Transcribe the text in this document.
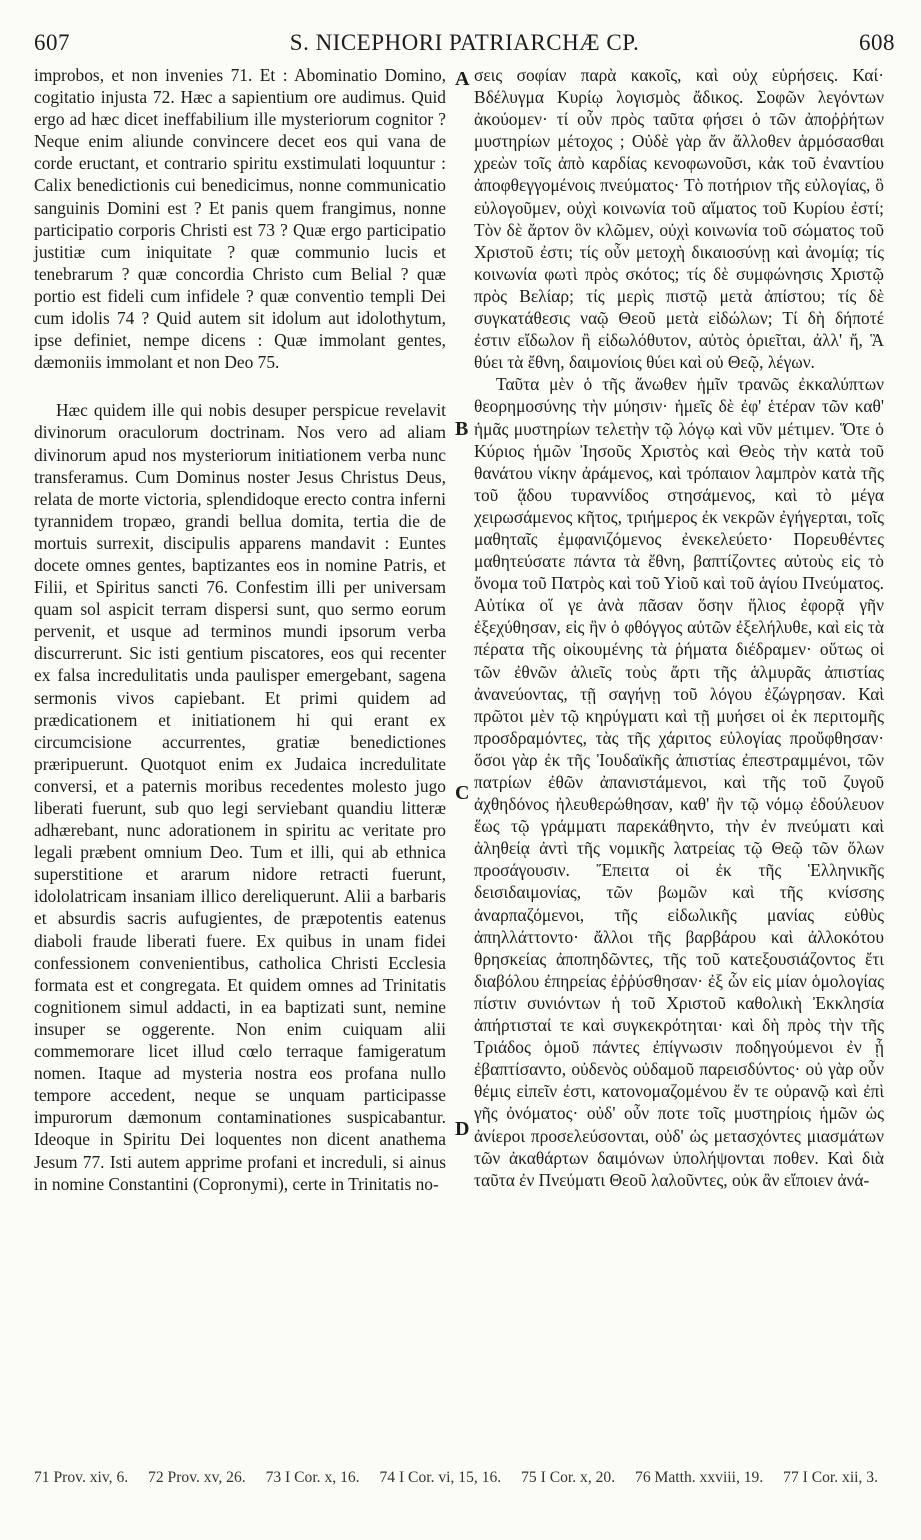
607	S. NICEPHORI PATRIARCHÆ CP.	608

improbos, et non invenies 71. Et : Abominatio Domino, cogitatio injusta 72. Hæc a sapientium ore audimus. Quid ergo ad hæc dicet ineffabilium ille mysteriorum cognitor ? Neque enim aliunde convincere decet eos qui vana de corde eructant, et contrario spiritu exstimulati loquuntur : Calix benedictionis cui benedicimus, nonne communicatio sanguinis Domini est ? Et panis quem frangimus, nonne participatio corporis Christi est 73 ? Quæ ergo participatio justitiæ cum iniquitate ? quæ communio lucis et tenebrarum ? quæ concordia Christo cum Belial ? quæ portio est fideli cum infidele ? quæ conventio templi Dei cum idolis 74 ? Quid autem sit idolum aut idolothytum, ipse definiet, nempe dicens : Quæ immolant gentes, dæmoniis immolant et non Deo 75.

Hæc quidem ille qui nobis desuper perspicue revelavit divinorum oraculorum doctrinam. Nos vero ad aliam divinorum apud nos mysteriorum initiationem verba nunc transferamus. Cum Dominus noster Jesus Christus Deus, relata de morte victoria, splendidoque erecto contra inferni tyrannidem tropæo, grandi bellua domita, tertia die de mortuis surrexit, discipulis apparens mandavit : Euntes docete omnes gentes, baptizantes eos in nomine Patris, et Filii, et Spiritus sancti 76. Confestim illi per universam quam sol aspicit terram dispersi sunt, quo sermo eorum pervenit, et usque ad terminos mundi ipsorum verba discurrerunt. Sic isti gentium piscatores, eos qui recenter ex falsa incredulitatis unda paulisper emergebant, sagena sermonis vivos capiebant. Et primi quidem ad prædicationem et initiationem hi qui erant ex circumcisione accurrentes, gratiæ benedictiones præripuerunt. Quotquot enim ex Judaica incredulitate conversi, et a paternis moribus recedentes molesto jugo liberati fuerunt, sub quo legi serviebant quandiu litteræ adhærebant, nunc adorationem in spiritu ac veritate pro legali præbent omnium Deo. Tum et illi, qui ab ethnica superstitione et ararum nidore retracti fuerunt, idololatricam insaniam illico dereliquerunt. Alii a barbaris et absurdis sacris aufugientes, de præpotentis eatenus diaboli fraude liberati fuere. Ex quibus in unam fidei confessionem convenientibus, catholica Christi Ecclesia formata est et congregata. Et quidem omnes ad Trinitatis cognitionem simul addacti, in ea baptizati sunt, nemine insuper se oggerente. Non enim cuiquam alii commemorare licet illud cœlo terraque famigeratum nomen. Itaque ad mysteria nostra eos profana nullo tempore accedent, neque se unquam participasse impurorum dæmonum contaminationes suspicabantur. Ideoque in Spiritu Dei loquentes non dicent anathema Jesum 77. Isti autem apprime profani et increduli, si ainus in nomine Constantini (Copronymi), certe in Trinitatis no-

σεις σοφίαν παρὰ κακοῖς, καὶ οὐχ εὑρήσεις. Καί· Βδέλυγμα Κυρίῳ λογισμὸς ἄδικος. Σοφῶν λεγόντων ἀκούομεν· τί οὖν πρὸς ταῦτα φήσει ὁ τῶν ἀποῤῥήτων μυστηρίων μέτοχος ; Οὐδὲ γὰρ ἄν ἄλλοθεν ἁρμόσασθαι χρεὼν τοῖς ἀπὸ καρδίας κενοφωνοῦσι, κἀκ τοῦ ἐναντίου ἀποφθεγγομένοις πνεύματος· Τὸ ποτήριον τῆς εὐλογίας, ὃ εὐλογοῦμεν, οὐχὶ κοινωνία τοῦ αἵματος τοῦ Κυρίου ἐστί; Τὸν δὲ ἄρτον ὃν κλῶμεν, οὐχὶ κοινωνία τοῦ σώματος τοῦ Χριστοῦ ἐστι; τίς οὖν μετοχὴ δικαιοσύνῃ καὶ ἀνομίᾳ; τίς κοινωνία φωτὶ πρὸς σκότος; τίς δὲ συμφώνησις Χριστῷ πρὸς Βελίαρ; τίς μερὶς πιστῷ μετὰ ἀπίστου; τίς δὲ συγκατάθεσις ναῷ Θεοῦ μετὰ εἰδώλων; Τί δὴ δήποτέ ἐστιν εἴδωλον ἢ εἰδωλόθυτον, αὐτὸς ὁριεῖται, ἀλλ' ἤ, Ἃ θύει τὰ ἔθνη, δαιμονίοις θύει καὶ οὐ Θεῷ, λέγων.

Ταῦτα μὲν ὁ τῆς ἄνωθεν ἡμῖν τρανῶς ἐκκαλύπτων θεορημοσύνης τὴν μύησιν· ἡμεῖς δὲ ἐφ' ἑτέραν τῶν καθ' ἡμᾶς μυστηρίων τελετὴν τῷ λόγῳ καὶ νῦν μέτιμεν. Ὅτε ὁ Κύριος ἡμῶν Ἰησοῦς Χριστὸς καὶ Θεὸς τὴν κατὰ τοῦ θανάτου νίκην ἀράμενος, καὶ τρόπαιον λαμπρὸν κατὰ τῆς τοῦ ᾅδου τυραννίδος στησάμενος, καὶ τὸ μέγα χειρωσάμενος κῆτος, τριήμερος ἐκ νεκρῶν ἐγήγερται, τοῖς μαθηταῖς ἐμφανιζόμενος ἐνεκελεύετο· Πορευθέντες μαθητεύσατε πάντα τὰ ἔθνη, βαπτίζοντες αὐτοὺς εἰς τὸ ὄνομα τοῦ Πατρὸς καὶ τοῦ Υἱοῦ καὶ τοῦ ἁγίου Πνεύματος. Αὐτίκα οἵ γε ἀνὰ πᾶσαν ὅσην ἥλιος ἐφορᾷ γῆν ἐξεχύθησαν, εἰς ἣν ὁ φθόγγος αὐτῶν ἐξελήλυθε, καὶ εἰς τὰ πέρατα τῆς οἰκουμένης τὰ ῥήματα διέδραμεν· οὕτως οἱ τῶν ἐθνῶν ἁλιεῖς τοὺς ἄρτι τῆς ἁλμυρᾶς ἀπιστίας ἀνανεύοντας, τῇ σαγήνῃ τοῦ λόγου ἐζώγρησαν. Καὶ πρῶτοι μὲν τῷ κηρύγματι καὶ τῇ μυήσει οἱ ἐκ περιτομῆς προσδραμόντες, τὰς τῆς χάριτος εὐλογίας προὔφθησαν· ὅσοι γὰρ ἐκ τῆς Ἰουδαϊκῆς ἀπιστίας ἐπεστραμμένοι, τῶν πατρίων ἐθῶν ἀπανιστάμενοι, καὶ τῆς τοῦ ζυγοῦ ἀχθηδόνος ἠλευθερώθησαν, καθ' ἣν τῷ νόμῳ ἐδούλευον ἕως τῷ γράμματι παρεκάθηντο, τὴν ἐν πνεύματι καὶ ἀληθείᾳ ἀντὶ τῆς νομικῆς λατρείας τῷ Θεῷ τῶν ὅλων προσάγουσιν. Ἔπειτα οἱ ἐκ τῆς Ἑλληνικῆς δεισιδαιμονίας, τῶν βωμῶν καὶ τῆς κνίσσης ἀναρπαζόμενοι, τῆς εἰδωλικῆς μανίας εὐθὺς ἀπηλλάττοντο· ἄλλοι τῆς βαρβάρου καὶ ἀλλοκότου θρησκείας ἀποπηδῶντες, τῆς τοῦ κατεξουσιάζοντος ἔτι διαβόλου ἐπηρείας ἐῤῥύσθησαν· ἐξ ὧν εἰς μίαν ὁμολογίας πίστιν συνιόντων ἡ τοῦ Χριστοῦ καθολικὴ Ἐκκλησία ἀπήρτισταί τε καὶ συγκεκρότηται· καὶ δὴ πρὸς τὴν τῆς Τριάδος ὁμοῦ πάντες ἐπίγνωσιν ποδηγούμενοι ἐν ᾗ ἐβαπτίσαντο, οὐδενὸς οὐδαμοῦ παρεισδύντος· οὐ γὰρ οὖν θέμις εἰπεῖν ἐστι, κατονομαζομένου ἔν τε οὐρανῷ καὶ ἐπὶ γῆς ὀνόματος· οὐδ' οὖν ποτε τοῖς μυστηρίοις ἡμῶν ὡς ἀνίεροι προσελεύσονται, οὐδ' ὡς μετασχόντες μιασμάτων τῶν ἀκαθάρτων δαιμόνων ὑπολήψονται ποθεν. Καὶ διὰ ταῦτα ἐν Πνεύματι Θεοῦ λαλοῦντες, οὐκ ἂν εἴποιεν ἀνά-

A
B
C
D
71 Prov. xiv, 6. 72 Prov. xv, 26. 73 I Cor. x, 16. 74 I Cor. vi, 15, 16. 75 I Cor. x, 20. 76 Matth. xxviii, 19. 77 I Cor. xii, 3.
